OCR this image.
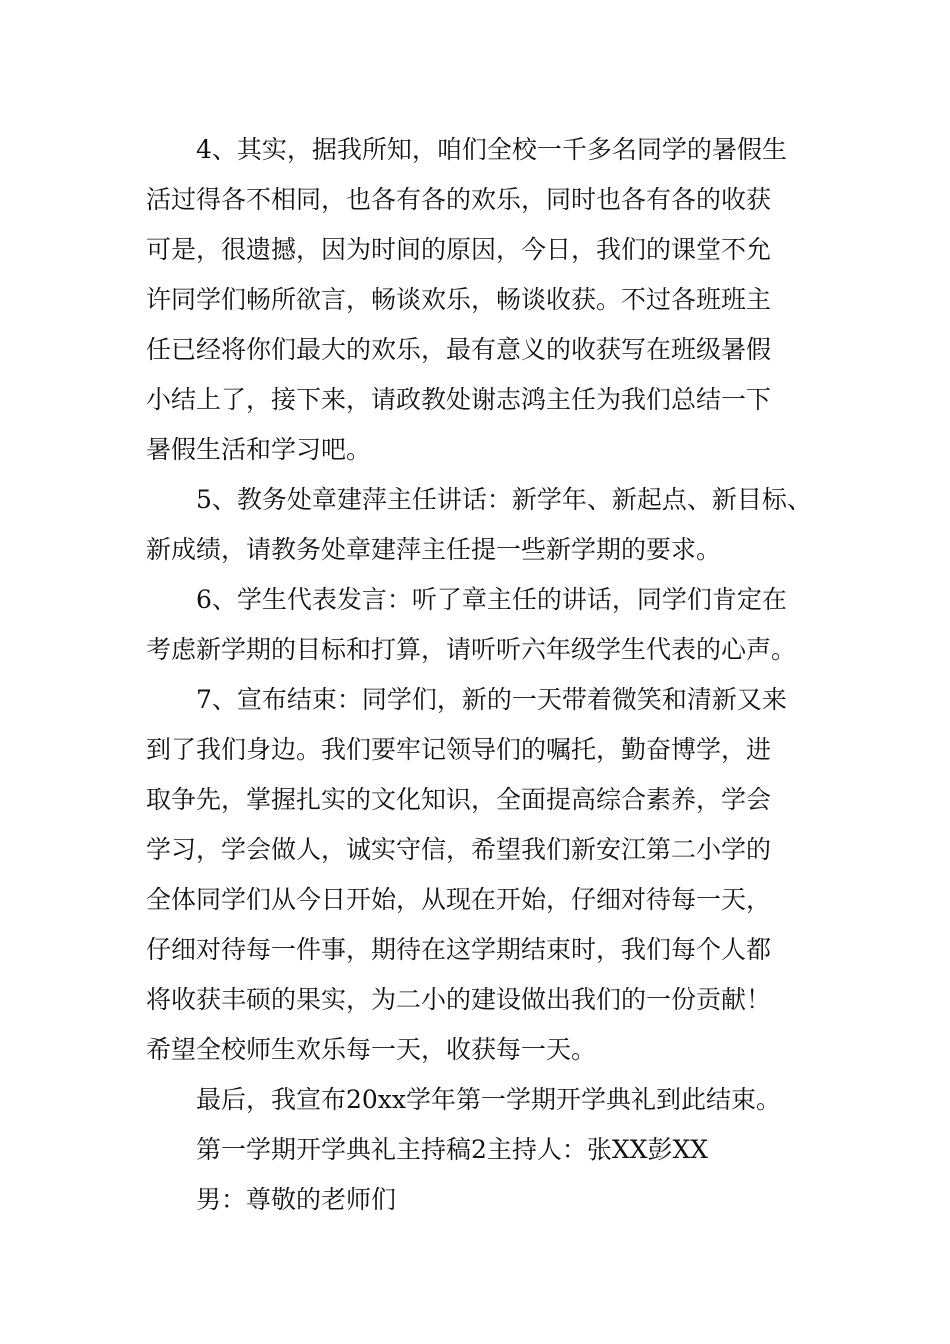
4、其实，据我所知，咱们全校一千多名同学的暑假生
活过得各不相同，也各有各的欢乐，同时也各有各的收获
可是，很遗撼，因为时间的原因，今日，我们的课堂不允
许同学们畅所欲言，畅谈欢乐，畅谈收获。不过各班班主
任已经将你们最大的欢乐，最有意义的收获写在班级暑假
小结上了，接下来，请政教处谢志鸿主任为我们总结一下
暑假生活和学习吧。
5、教务处章建萍主任讲话：新学年、新起点、新目标、
新成绩，请教务处章建萍主任提一些新学期的要求。
6、学生代表发言：听了章主任的讲话，同学们肯定在
考虑新学期的目标和打算，请听听六年级学生代表的心声。
7、宣布结束：同学们，新的一天带着微笑和清新又来
到了我们身边。我们要牢记领导们的嘱托，勤奋博学，进
取争先，掌握扎实的文化知识，全面提高综合素养，学会
学习，学会做人，诚实守信，希望我们新安江第二小学的
全体同学们从今日开始，从现在开始，仔细对待每一天，
仔细对待每一件事，期待在这学期结束时，我们每个人都
将收获丰硕的果实，为二小的建设做出我们的一份贡献！
希望全校师生欢乐每一天，收获每一天。
最后，我宣布20xx学年第一学期开学典礼到此结束。
第一学期开学典礼主持稿2主持人：张XX彭XX
男：尊敬的老师们
